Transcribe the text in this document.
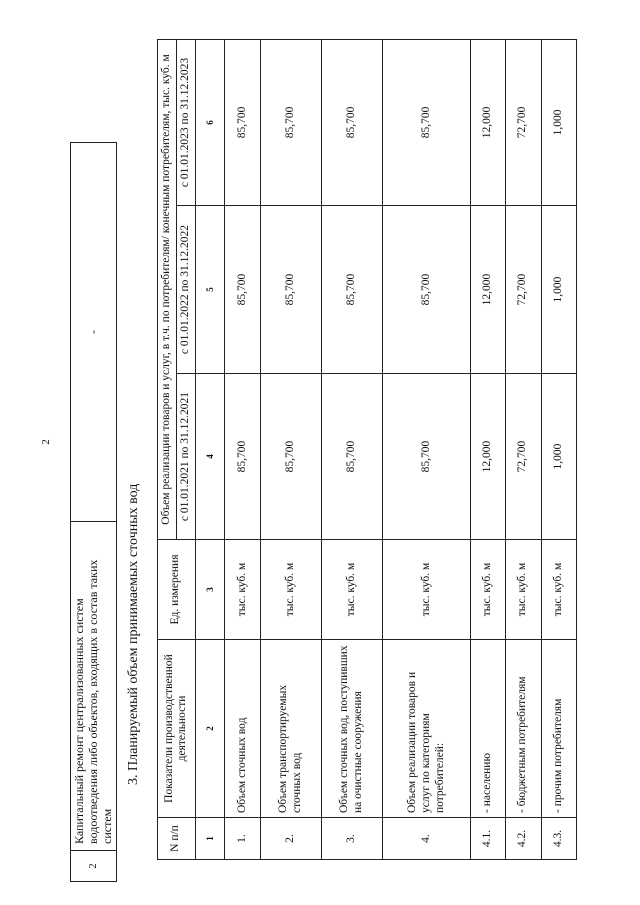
2
2	Капитальный ремонт централизованных систем водоотведения либо объектов, входящих в состав таких систем	-
3. Планируемый объем принимаемых сточных вод
N п/п	Показатели производственной деятельности	Ед. измерения	Объем реализации товаров и услуг, в т.ч. по потребителям/ конечным потребителям, тыс. куб. м		
			с 01.01.2021 по 31.12.2021	с 01.01.2022 по 31.12.2022	с 01.01.2023 по 31.12.2023
1	2	3	4	5	6
1.	Объем сточных вод	тыс. куб. м	85,700	85,700	85,700
2.	Объем транспортируемых сточных вод	тыс. куб. м	85,700	85,700	85,700
3.	Объем сточных вод, поступивших на очистные сооружения	тыс. куб. м	85,700	85,700	85,700
4.	Объем реализации товаров и услуг по категориям потребителей:	тыс. куб. м	85,700	85,700	85,700
4.1.	- населению	тыс. куб. м	12,000	12,000	12,000
4.2.	- бюджетным потребителям	тыс. куб. м	72,700	72,700	72,700
4.3.	- прочим потребителям	тыс. куб. м	1,000	1,000	1,000
